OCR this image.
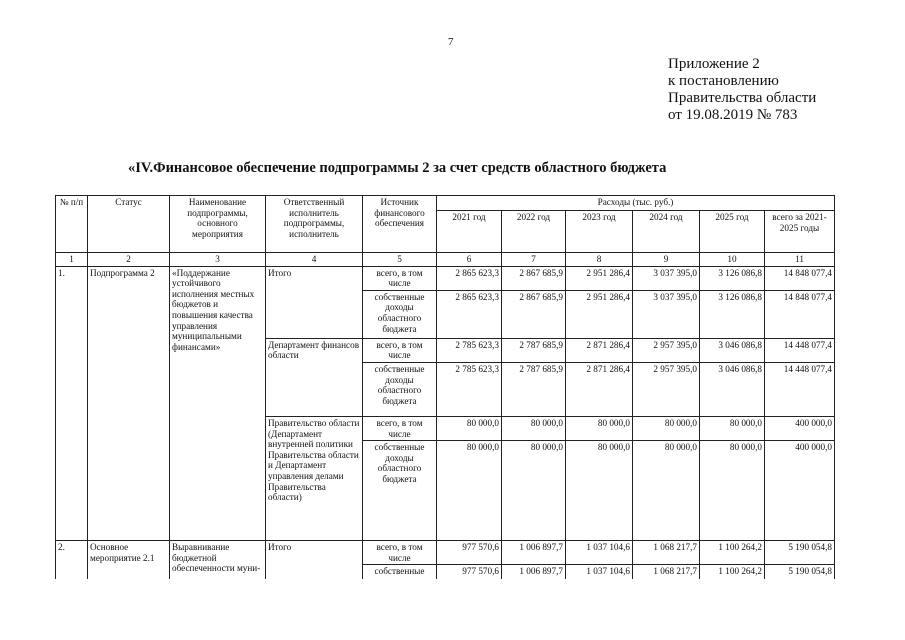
7
Приложение 2
к постановлению
Правительства области
от 19.08.2019 № 783
«IV.Финансовое обеспечение подпрограммы 2 за счет средств областного бюджета
№ п/п	Статус	Наименование подпрограммы, основного мероприятия	Ответственный исполнитель подпрограммы, исполнитель	Источник финансового обеспечения	Расходы (тыс. руб.)					
					2021 год	2022 год	2023 год	2024 год	2025 год	всего за 2021-2025 годы
1	2	3	4	5	6	7	8	9	10	11
1.	Подпрограмма 2	«Поддержание устойчивого исполнения местных бюджетов и повышения качества управления муниципальными финансами»	Итого	всего, в том числе	2 865 623,3	2 867 685,9	2 951 286,4	3 037 395,0	3 126 086,8	14 848 077,4
				собственные доходы областного бюджета	2 865 623,3	2 867 685,9	2 951 286,4	3 037 395,0	3 126 086,8	14 848 077,4
			Департамент финансов области	всего, в том числе	2 785 623,3	2 787 685,9	2 871 286,4	2 957 395,0	3 046 086,8	14 448 077,4
				собственные доходы областного бюджета	2 785 623,3	2 787 685,9	2 871 286,4	2 957 395,0	3 046 086,8	14 448 077,4
			Правительство области (Департамент внутренней политики Правительства области и Департамент управления делами Правительства области)	всего, в том числе	80 000,0	80 000,0	80 000,0	80 000,0	80 000,0	400 000,0
				собственные доходы областного бюджета	80 000,0	80 000,0	80 000,0	80 000,0	80 000,0	400 000,0
2.	Основное мероприятие 2.1	Выравнивание бюджетной обеспеченности муни-	Итого	всего, в том числе	977 570,6	1 006 897,7	1 037 104,6	1 068 217,7	1 100 264,2	5 190 054,8
				собственные	977 570,6	1 006 897,7	1 037 104,6	1 068 217,7	1 100 264,2	5 190 054,8
